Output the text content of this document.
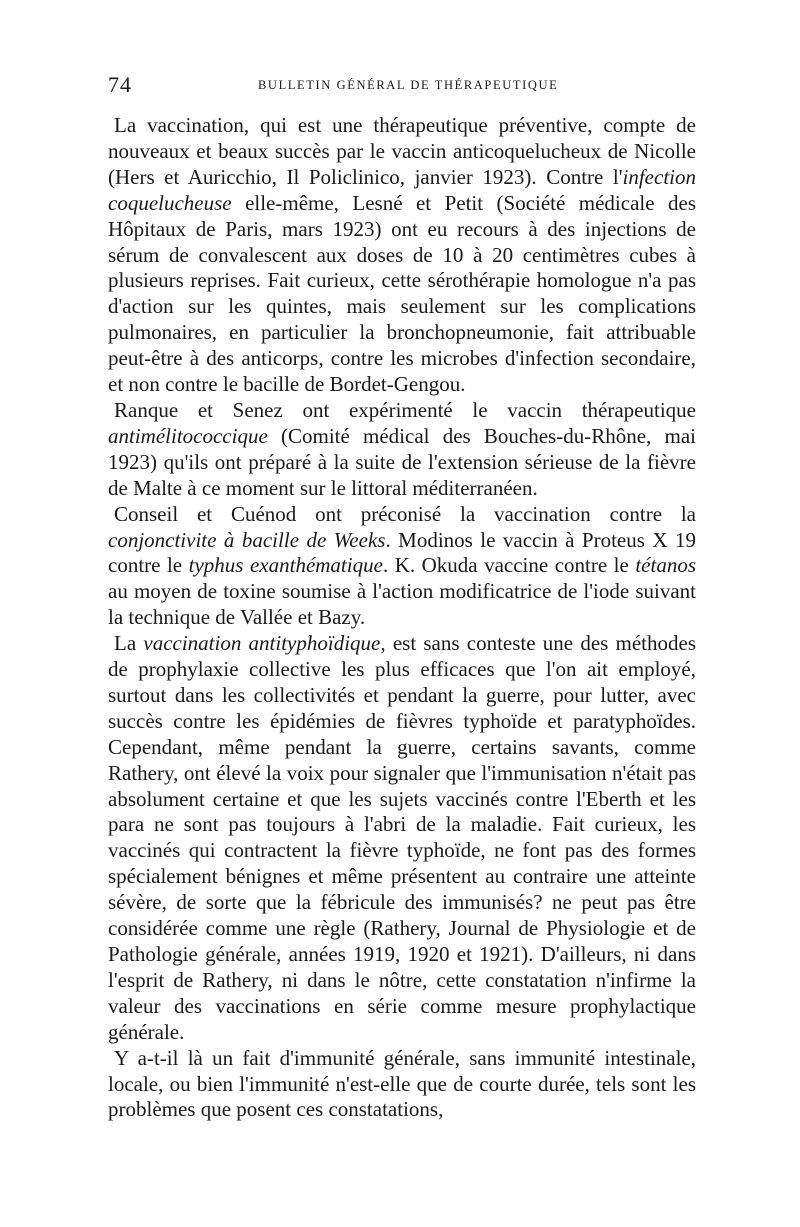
74	BULLETIN GÉNÉRAL DE THÉRAPEUTIQUE

La vaccination, qui est une thérapeutique préventive, compte de nouveaux et beaux succès par le vaccin anticoquelucheux de Nicolle (Hers et Auricchio, Il Policlinico, janvier 1923). Contre l'infection coquelucheuse elle-même, Lesné et Petit (Société médicale des Hôpitaux de Paris, mars 1923) ont eu recours à des injections de sérum de convalescent aux doses de 10 à 20 centimètres cubes à plusieurs reprises. Fait curieux, cette sérothérapie homologue n'a pas d'action sur les quintes, mais seulement sur les complications pulmonaires, en particulier la bronchopneumonie, fait attribuable peut-être à des anticorps, contre les microbes d'infection secondaire, et non contre le bacille de Bordet-Gengou.

Ranque et Senez ont expérimenté le vaccin thérapeutique antimélitococcique (Comité médical des Bouches-du-Rhône, mai 1923) qu'ils ont préparé à la suite de l'extension sérieuse de la fièvre de Malte à ce moment sur le littoral méditerranéen.

Conseil et Cuénod ont préconisé la vaccination contre la conjonctivite à bacille de Weeks. Modinos le vaccin à Proteus X 19 contre le typhus exanthématique. K. Okuda vaccine contre le tétanos au moyen de toxine soumise à l'action modificatrice de l'iode suivant la technique de Vallée et Bazy.

La vaccination antityphoïdique, est sans conteste une des méthodes de prophylaxie collective les plus efficaces que l'on ait employé, surtout dans les collectivités et pendant la guerre, pour lutter, avec succès contre les épidémies de fièvres typhoïde et paratyphoïdes. Cependant, même pendant la guerre, certains savants, comme Rathery, ont élevé la voix pour signaler que l'immunisation n'était pas absolument certaine et que les sujets vaccinés contre l'Eberth et les para ne sont pas toujours à l'abri de la maladie. Fait curieux, les vaccinés qui contractent la fièvre typhoïde, ne font pas des formes spécialement bénignes et même présentent au contraire une atteinte sévère, de sorte que la fébricule des immunisés? ne peut pas être considérée comme une règle (Rathery, Journal de Physiologie et de Pathologie générale, années 1919, 1920 et 1921). D'ailleurs, ni dans l'esprit de Rathery, ni dans le nôtre, cette constatation n'infirme la valeur des vaccinations en série comme mesure prophylactique générale.

Y a-t-il là un fait d'immunité générale, sans immunité intestinale, locale, ou bien l'immunité n'est-elle que de courte durée, tels sont les problèmes que posent ces constatations,
